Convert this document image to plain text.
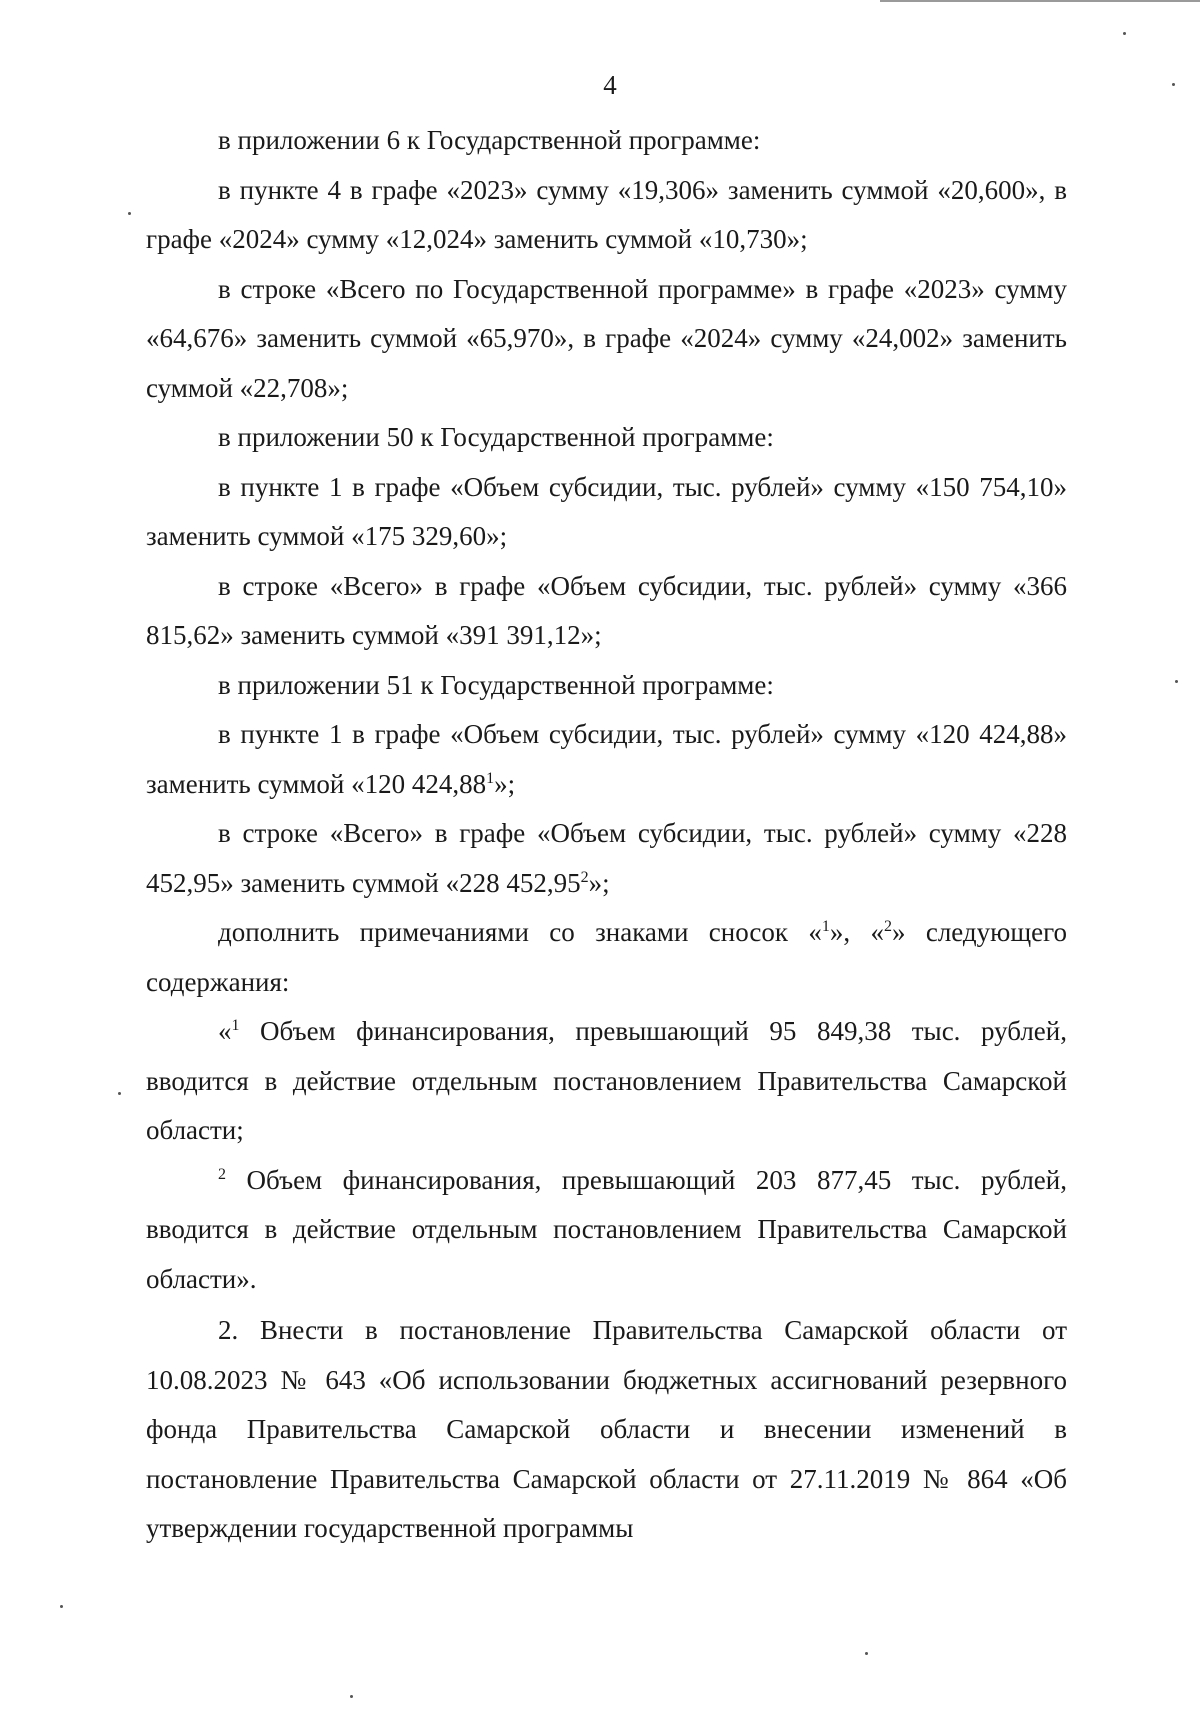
4

в приложении 6 к Государственной программе:

в пункте 4 в графе «2023» сумму «19,306» заменить суммой «20,600», в графе «2024» сумму «12,024» заменить суммой «10,730»;

в строке «Всего по Государственной программе» в графе «2023» сумму «64,676» заменить суммой «65,970», в графе «2024» сумму «24,002» заменить суммой «22,708»;

в приложении 50 к Государственной программе:

в пункте 1 в графе «Объем субсидии, тыс. рублей» сумму «150 754,10» заменить суммой «175 329,60»;

в строке «Всего» в графе «Объем субсидии, тыс. рублей» сумму «366 815,62» заменить суммой «391 391,12»;

в приложении 51 к Государственной программе:

в пункте 1 в графе «Объем субсидии, тыс. рублей» сумму «120 424,88» заменить суммой «120 424,88$^1$»;

в строке «Всего» в графе «Объем субсидии, тыс. рублей» сумму «228 452,95» заменить суммой «228 452,95$^2$»;

дополнить примечаниями со знаками сносок «$^1$», «$^2$» следующего содержания:

«$^1$ Объем финансирования, превышающий 95 849,38 тыс. рублей, вводится в действие отдельным постановлением Правительства Самарской области;

$^2$ Объем финансирования, превышающий 203 877,45 тыс. рублей, вводится в действие отдельным постановлением Правительства Самарской области».

2. Внести в постановление Правительства Самарской области от 10.08.2023 № 643 «Об использовании бюджетных ассигнований резервного фонда Правительства Самарской области и внесении изменений в постановление Правительства Самарской области от 27.11.2019 № 864 «Об утверждении государственной программы
